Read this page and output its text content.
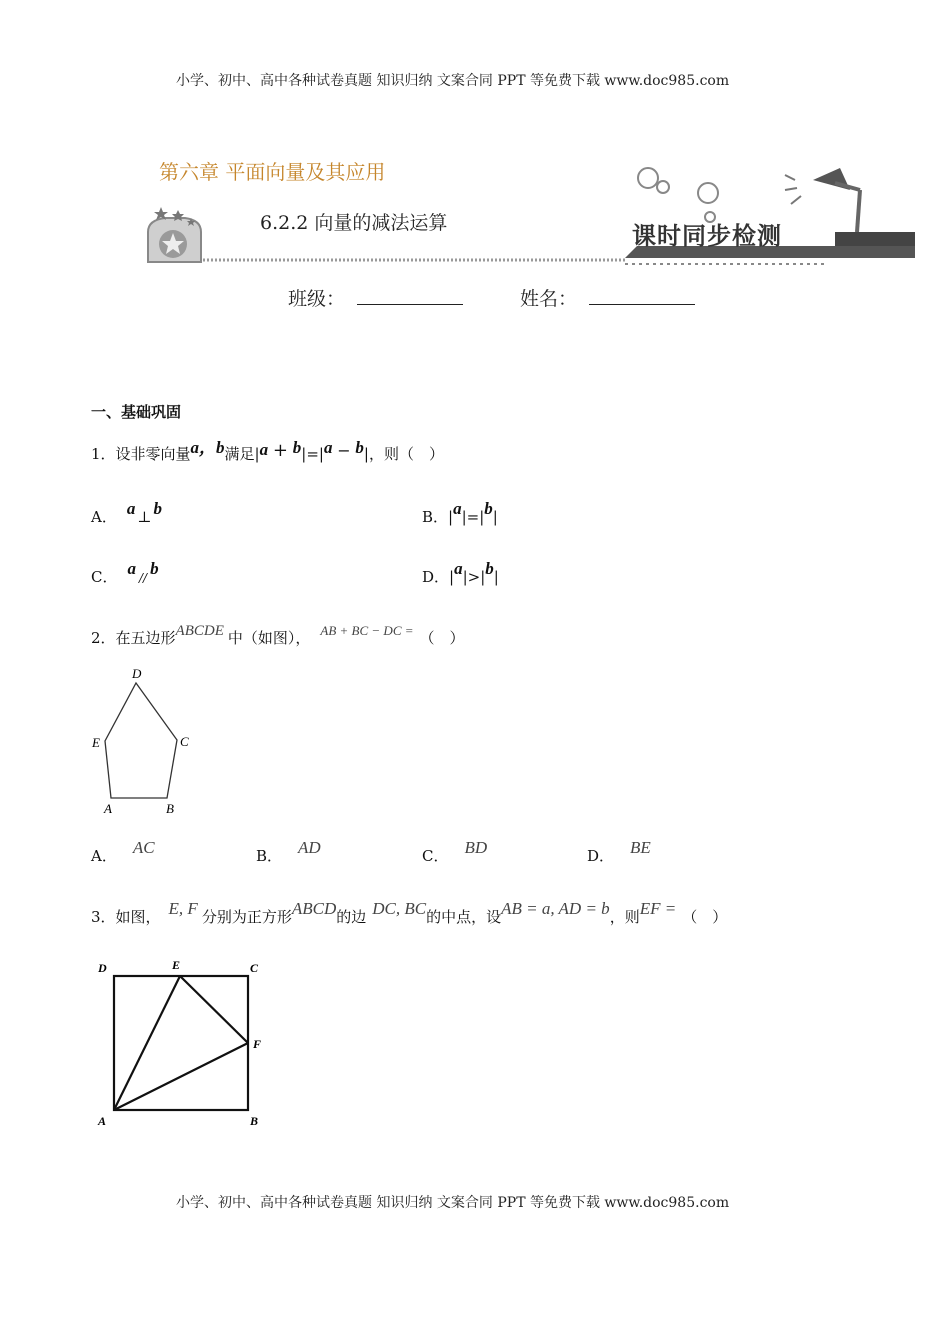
小学、初中、高中各种试卷真题 知识归纳 文案合同 PPT 等免费下载 www.doc985.com
第六章 平面向量及其应用
6.2.2 向量的减法运算	课时同步检测
班级：	姓名：
一、基础巩固
1．设非零向量a，b满足|a + b|=|a − b|，则（　）
A． a ⊥ b	B．|a|=|b|
C． a // b	D．|a|>|b|
2．在五边形ABCDE 中（如图）， AB + BC − DC = （　）
D
C
E
A	B
A． AC	B． AD	C． BD	D． BE
3．如图， E, F 分别为正方形ABCD的边 DC, BC的中点，设AB = a, AD = b，则EF = （　）
D	E	C
F
A	B
小学、初中、高中各种试卷真题 知识归纳 文案合同 PPT 等免费下载 www.doc985.com
